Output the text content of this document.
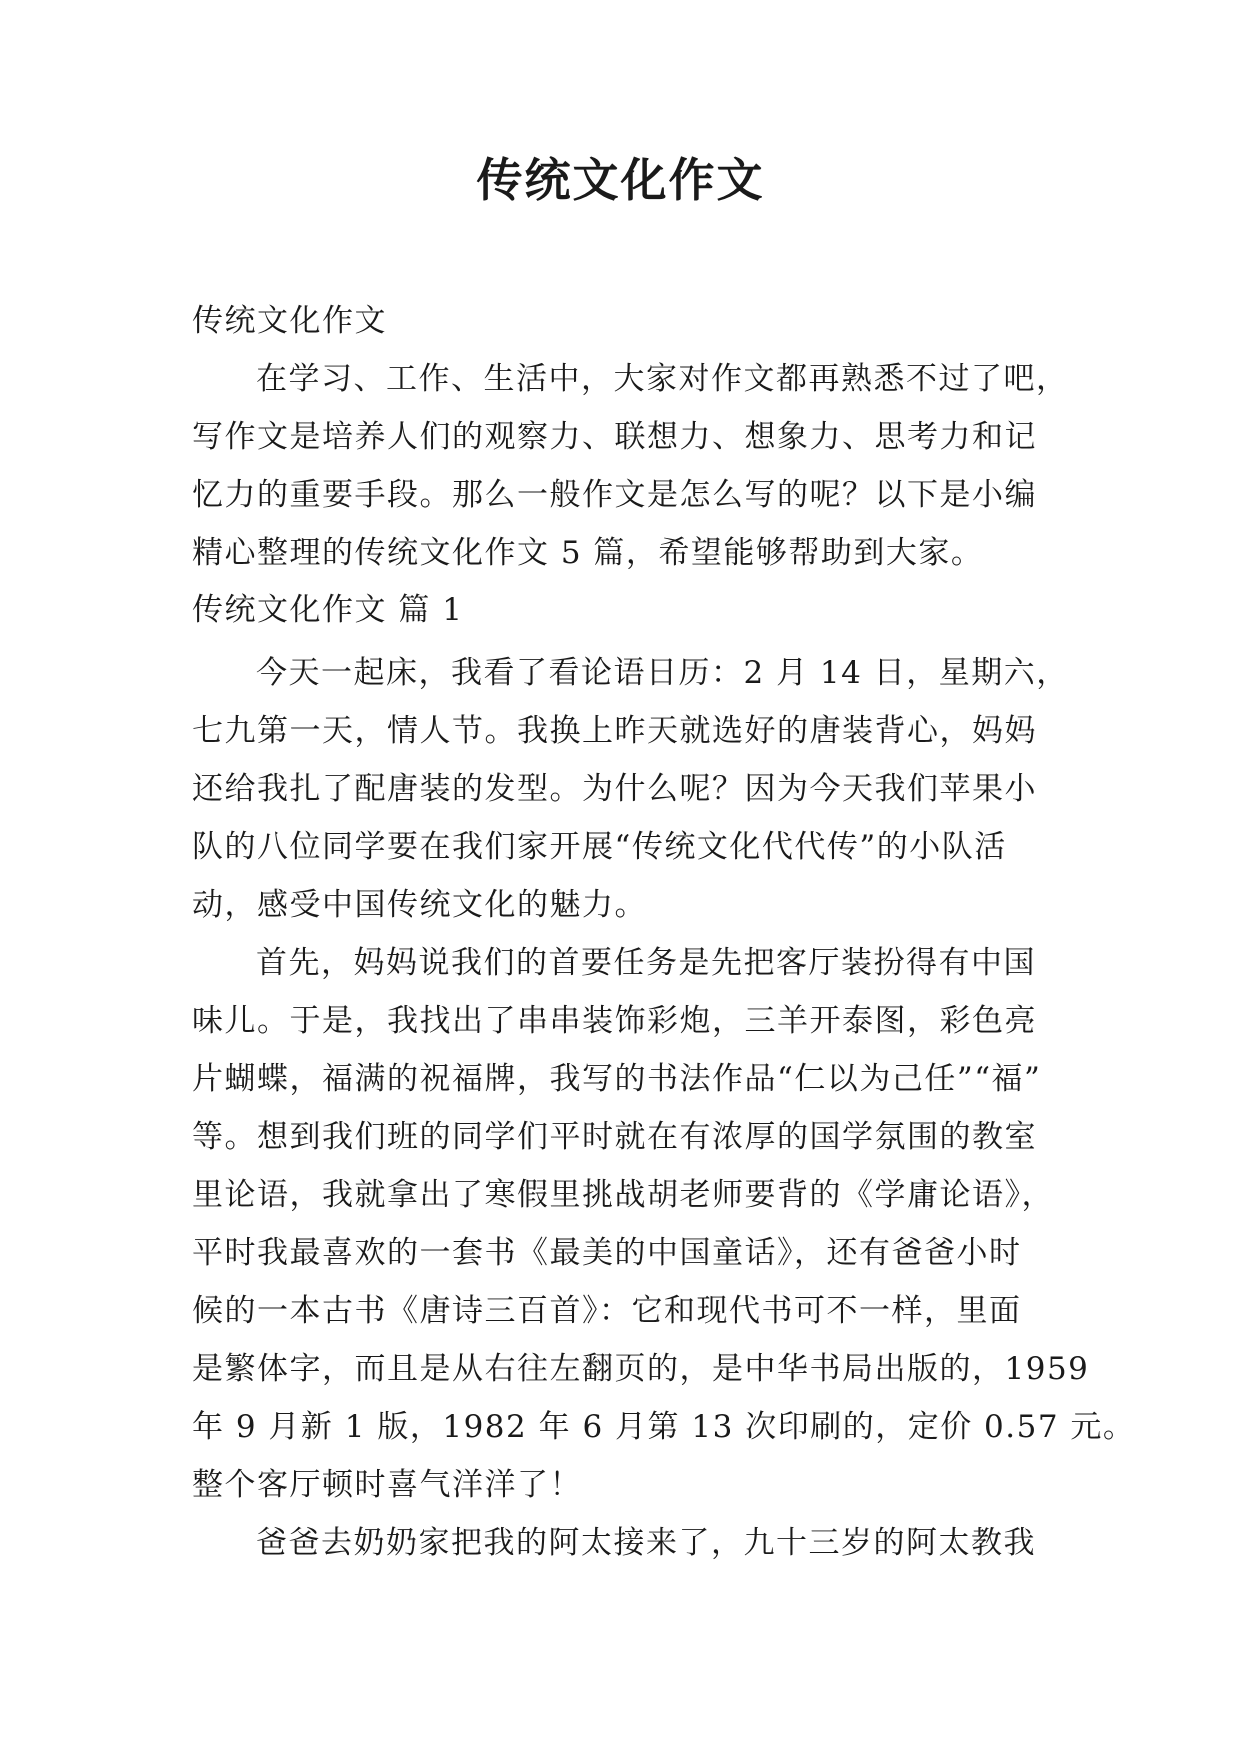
传统文化作文
传统文化作文
在学习、工作、生活中，大家对作文都再熟悉不过了吧，
写作文是培养人们的观察力、联想力、想象力、思考力和记
忆力的重要手段。那么一般作文是怎么写的呢？以下是小编
精心整理的传统文化作文 5 篇，希望能够帮助到大家。
传统文化作文 篇 1
今天一起床，我看了看论语日历：2 月 14 日，星期六，
七九第一天，情人节。我换上昨天就选好的唐装背心，妈妈
还给我扎了配唐装的发型。为什么呢？因为今天我们苹果小
队的八位同学要在我们家开展“传统文化代代传”的小队活
动，感受中国传统文化的魅力。
首先，妈妈说我们的首要任务是先把客厅装扮得有中国
味儿。于是，我找出了串串装饰彩炮，三羊开泰图，彩色亮
片蝴蝶，福满的祝福牌，我写的书法作品“仁以为己任”“福”
等。想到我们班的同学们平时就在有浓厚的国学氛围的教室
里论语，我就拿出了寒假里挑战胡老师要背的《学庸论语》，
平时我最喜欢的一套书《最美的中国童话》，还有爸爸小时
候的一本古书《唐诗三百首》：它和现代书可不一样，里面
是繁体字，而且是从右往左翻页的，是中华书局出版的，1959
年 9 月新 1 版，1982 年 6 月第 13 次印刷的，定价 0.57 元。
整个客厅顿时喜气洋洋了！
爸爸去奶奶家把我的阿太接来了，九十三岁的阿太教我
